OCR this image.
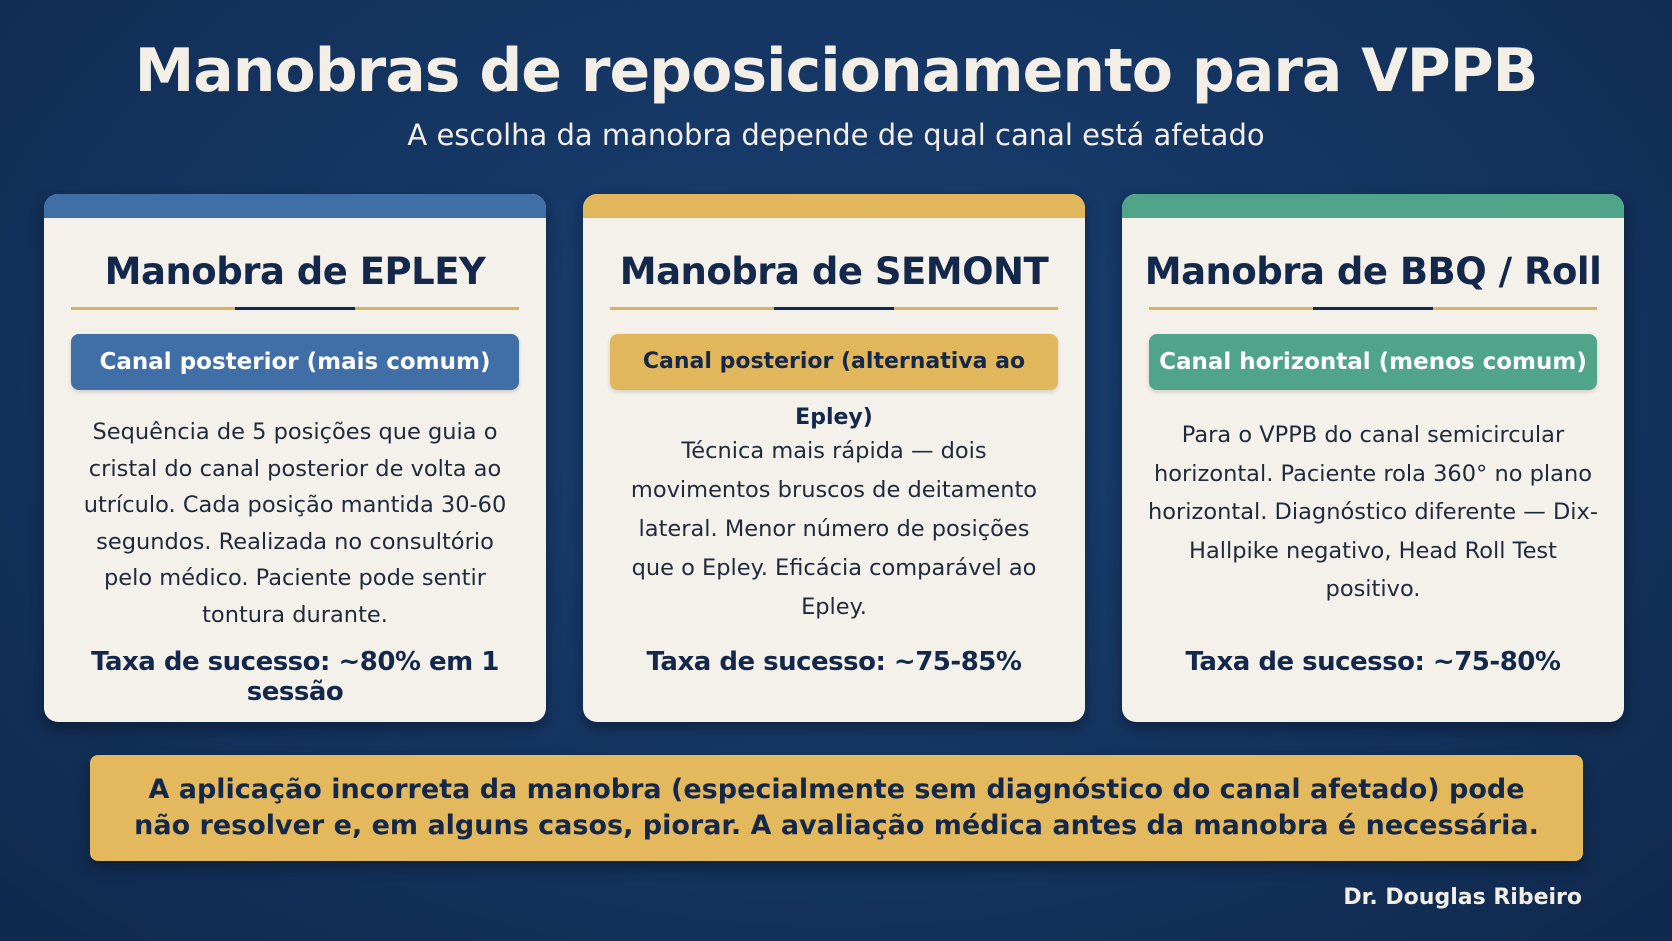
Manobras de reposicionamento para VPPB
A escolha da manobra depende de qual canal está afetado
Manobra de EPLEY
Canal posterior (mais comum)
Sequência de 5 posições que guia o cristal do canal posterior de volta ao utrículo. Cada posição mantida 30-60 segundos. Realizada no consultório pelo médico. Paciente pode sentir tontura durante.
Taxa de sucesso: ~80% em 1 sessão
Manobra de SEMONT
Canal posterior (alternativa ao Epley)
Técnica mais rápida — dois movimentos bruscos de deitamento lateral. Menor número de posições que o Epley. Eficácia comparável ao Epley.
Taxa de sucesso: ~75-85%
Manobra de BBQ / Roll
Canal horizontal (menos comum)
Para o VPPB do canal semicircular horizontal. Paciente rola 360° no plano horizontal. Diagnóstico diferente — Dix-Hallpike negativo, Head Roll Test positivo.
Taxa de sucesso: ~75-80%
A aplicação incorreta da manobra (especialmente sem diagnóstico do canal afetado) pode não resolver e, em alguns casos, piorar. A avaliação médica antes da manobra é necessária.
Dr. Douglas Ribeiro
